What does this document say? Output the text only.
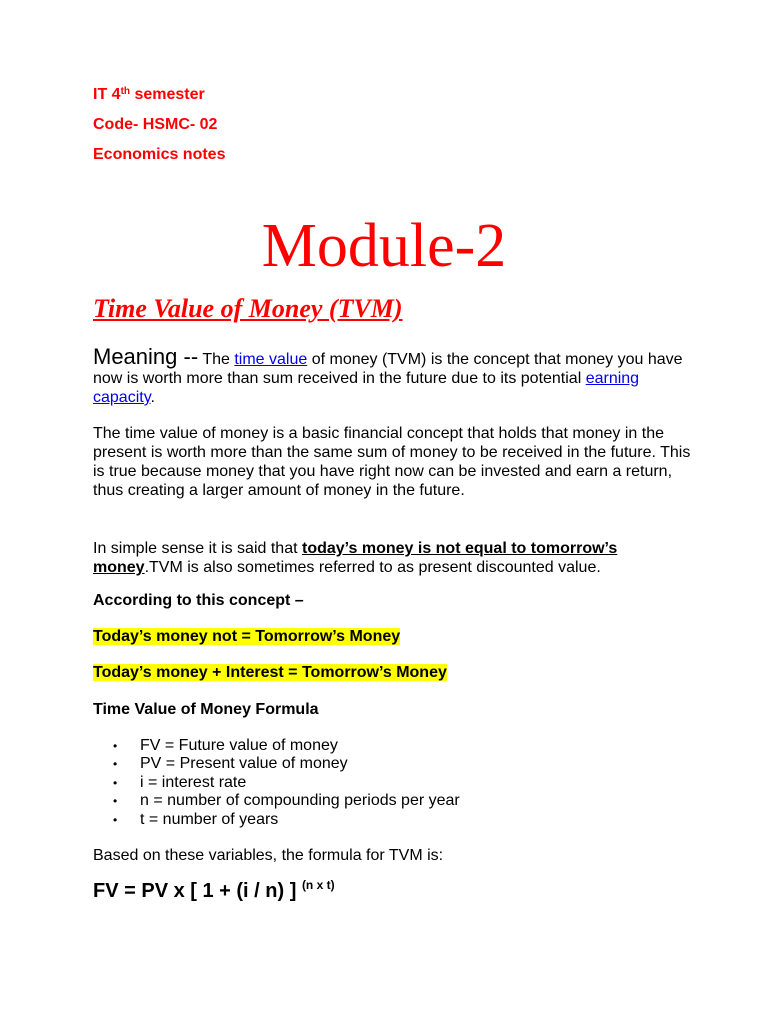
IT 4th semester
Code- HSMC- 02
Economics notes
Module-2
Time Value of Money (TVM)

Meaning -- The time value of money (TVM) is the concept that money you have now is worth more than sum received in the future due to its potential earning capacity.

The time value of money is a basic financial concept that holds that money in the present is worth more than the same sum of money to be received in the future. This is true because money that you have right now can be invested and earn a return, thus creating a larger amount of money in the future.

In simple sense it is said that today’s money is not equal to tomorrow’s money.TVM is also sometimes referred to as present discounted value.

According to this concept –
Today’s money not = Tomorrow’s Money
Today’s money + Interest = Tomorrow’s Money
Time Value of Money Formula
• FV = Future value of money
• PV = Present value of money
• i = interest rate
• n = number of compounding periods per year
• t = number of years
Based on these variables, the formula for TVM is:
FV = PV x [ 1 + (i / n) ] $^{(n x t)}$
